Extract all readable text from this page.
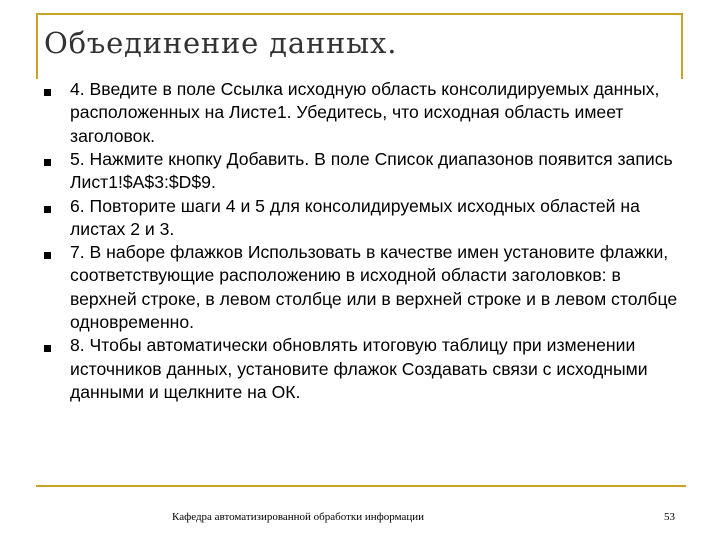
Объединение данных.
4. Введите в поле Ссылка исходную область консолидируемых данных, расположенных на Листе1. Убедитесь, что исходная область имеет заголовок.
5. Нажмите кнопку Добавить. В поле Список диапазонов появится запись Лист1!$A$3:$D$9.
6. Повторите шаги 4 и 5 для консолидируемых исходных областей на листах 2 и 3.
7. В наборе флажков Использовать в качестве имен установите флажки, соответствующие расположению в исходной области заголовков: в верхней строке, в левом столбце или в верхней строке и в левом столбце одновременно.
8. Чтобы автоматически обновлять итоговую таблицу при изменении источников данных, установите флажок Создавать связи с исходными данными и щелкните на ОК.
Кафедра автоматизированной обработки информации	53
